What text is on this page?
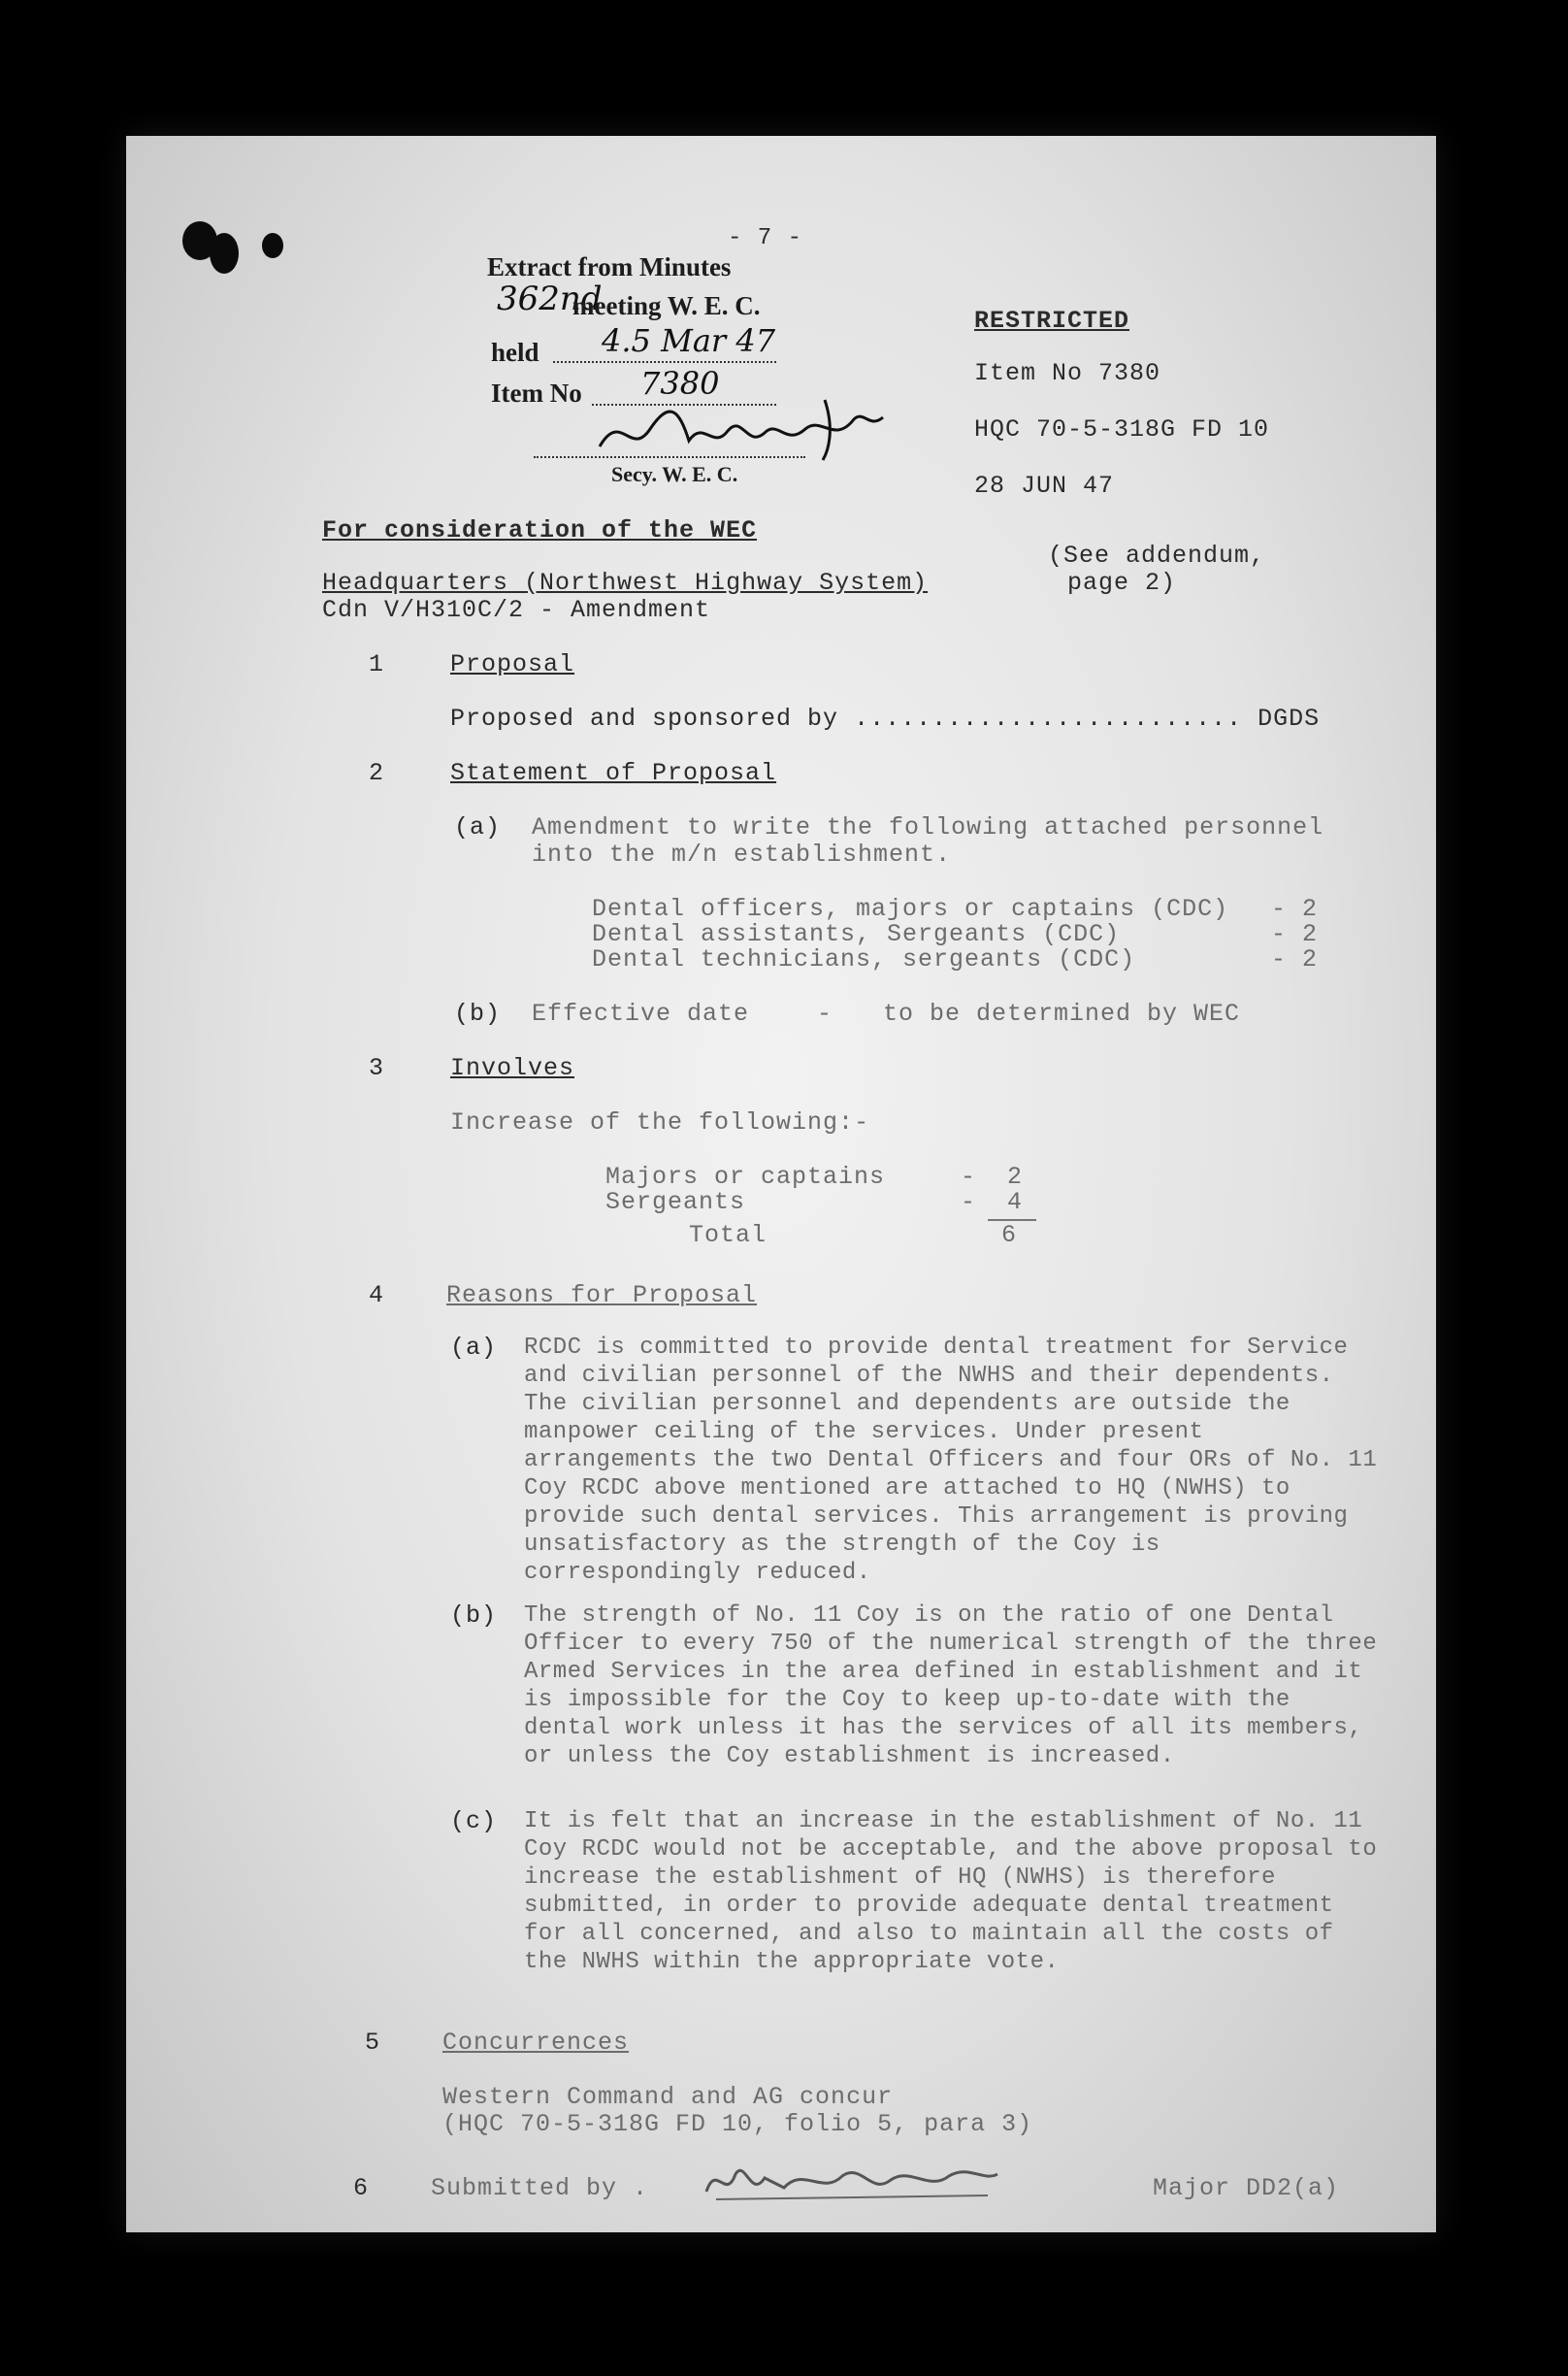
- 7 -
Extract from Minutes
362nd
meeting W. E. C.
held 4.5 Mar 47
Item No 7380
Secy. W. E. C.
RESTRICTED
Item No 7380
HQC 70-5-318G FD 10
28 JUN 47
For consideration of the WEC
(See addendum,
page 2)
Headquarters (Northwest Highway System)
Cdn V/H310C/2 - Amendment
1	Proposal
Proposed and sponsored by ......................... DGDS
2	Statement of Proposal
(a) Amendment to write the following attached personnel
into the m/n establishment.
Dental officers, majors or captains (CDC) - 2
Dental assistants, Sergeants (CDC)	- 2
Dental technicians, sergeants (CDC)	- 2
(b) Effective date	- to be determined by WEC
3	Involves
Increase of the following:-
Majors or captains	-  2
Sergeants	-  4
Total	6
4	Reasons for Proposal
(a) RCDC is committed to provide dental treatment for Service and civilian personnel of the NWHS and their dependents. The civilian personnel and dependents are outside the manpower ceiling of the services. Under present arrangements the two Dental Officers and four ORs of No. 11 Coy RCDC above mentioned are attached to HQ (NWHS) to provide such dental services. This arrangement is proving unsatisfactory as the strength of the Coy is correspondingly reduced.
(b) The strength of No. 11 Coy is on the ratio of one Dental Officer to every 750 of the numerical strength of the three Armed Services in the area defined in establishment and it is impossible for the Coy to keep up-to-date with the dental work unless it has the services of all its members, or unless the Coy establishment is increased.
(c) It is felt that an increase in the establishment of No. 11 Coy RCDC would not be acceptable, and the above proposal to increase the establishment of HQ (NWHS) is therefore submitted, in order to provide adequate dental treatment for all concerned, and also to maintain all the costs of the NWHS within the appropriate vote.
5	Concurrences
Western Command and AG concur
(HQC 70-5-318G FD 10, folio 5, para 3)
6	Submitted by .	Major DD2(a)
